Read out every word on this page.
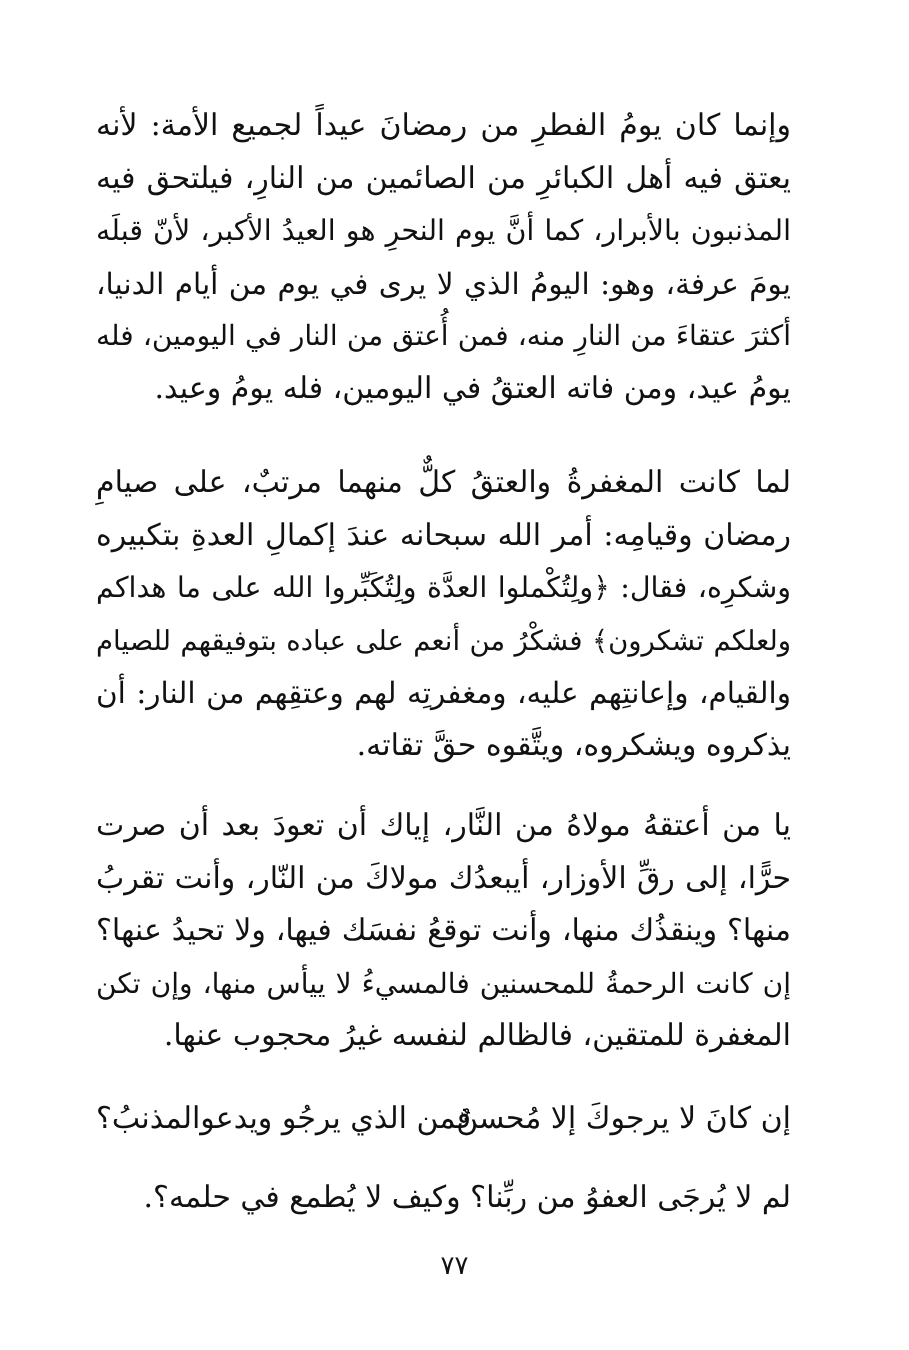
وإنما كان يومُ الفطرِ من رمضانَ عيداً لجميع الأمة: لأنه
يعتق فيه أهل الكبائرِ من الصائمين من النارِ، فيلتحق فيه
المذنبون بالأبرار، كما أنَّ يوم النحرِ هو العيدُ الأكبر، لأنّ قبلَه
يومَ عرفة، وهو: اليومُ الذي لا يرى في يوم من أيام الدنيا،
أكثرَ عتقاءَ من النارِ منه، فمن أُعتق من النار في اليومين، فله
يومُ عيد، ومن فاته العتقُ في اليومين، فله يومُ وعيد.

لما كانت المغفرةُ والعتقُ كلٌّ منهما مرتبٌ، على صيامِ
رمضان وقيامِه: أمر الله سبحانه عندَ إكمالِ العدةِ بتكبيره
وشكرِه، فقال: ﴿ولِتُكْملوا العدَّة ولِتُكَبِّروا الله على ما هداكم
ولعلكم تشكرون﴾ فشكْرُ من أنعم على عباده بتوفيقهم للصيام
والقيام، وإعانتِهم عليه، ومغفرتِه لهم وعتقِهم من النار: أن
يذكروه ويشكروه، ويتَّقوه حقَّ تقاته.

يا من أعتقهُ مولاهُ من النَّار، إياك أن تعودَ بعد أن صرت
حرًّا، إلى رقِّ الأوزار، أيبعدُك مولاكَ من النّار، وأنت تقربُ
منها؟ وينقذُك منها، وأنت توقعُ نفسَك فيها، ولا تحيدُ عنها؟
إن كانت الرحمةُ للمحسنين فالمسيءُ لا ييأس منها، وإن تكن
المغفرة للمتقين، فالظالم لنفسه غيرُ محجوب عنها.

إن كانَ لا يرجوكَ إلا مُحسنٌ
فمن الذي يرجُو ويدعوالمذنبُ؟

لم لا يُرجَى العفوُ من ربِّنا؟ وكيف لا يُطمع في حلمه؟.

٧٧
